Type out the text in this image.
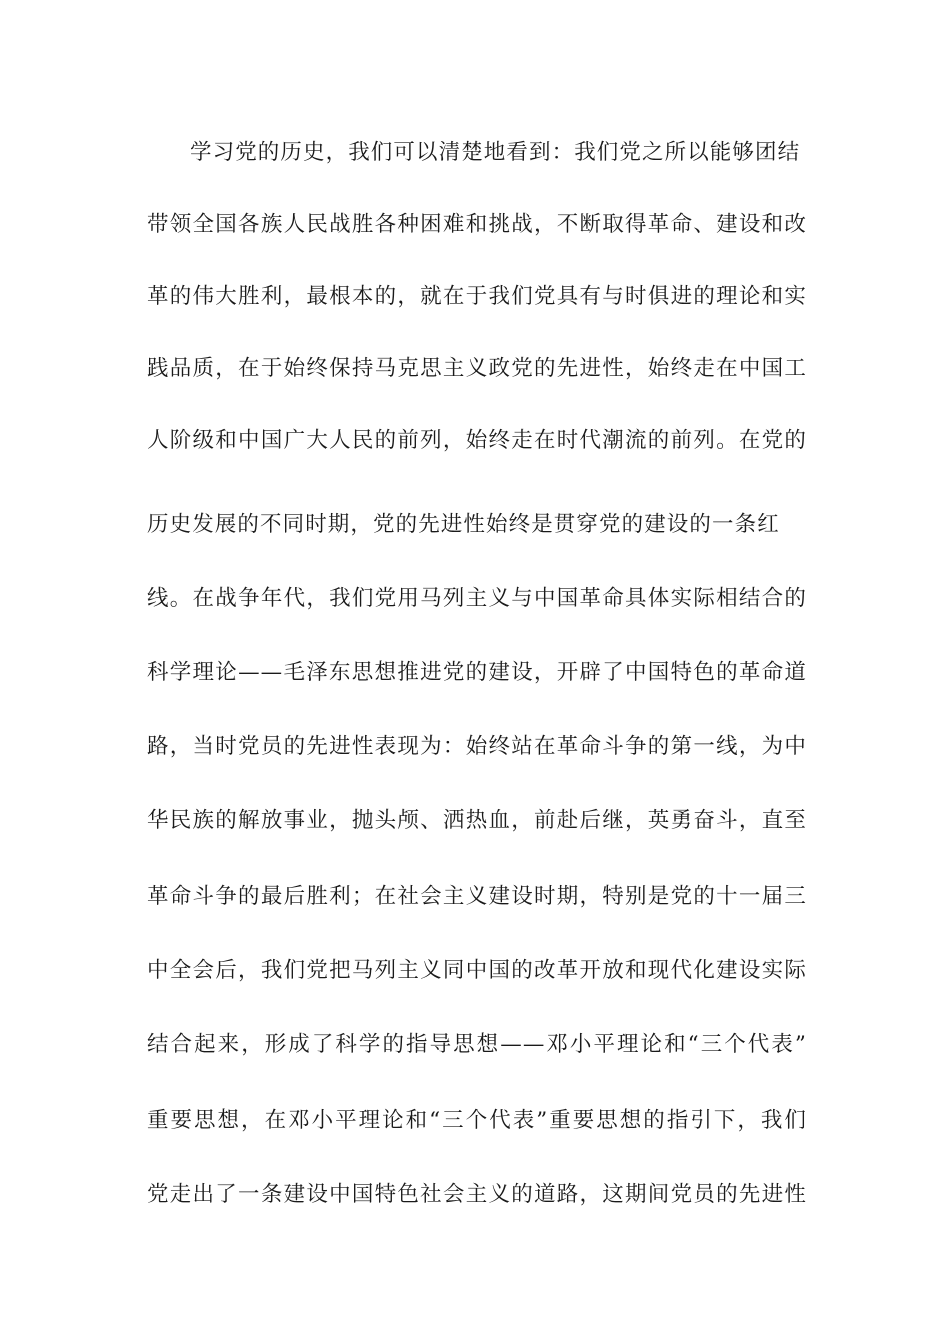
学习党的历史，我们可以清楚地看到：我们党之所以能够团结
带领全国各族人民战胜各种困难和挑战，不断取得革命、建设和改
革的伟大胜利，最根本的，就在于我们党具有与时俱进的理论和实
践品质，在于始终保持马克思主义政党的先进性，始终走在中国工
人阶级和中国广大人民的前列，始终走在时代潮流的前列。在党的
历史发展的不同时期，党的先进性始终是贯穿党的建设的一条红
线。在战争年代，我们党用马列主义与中国革命具体实际相结合的
科学理论——毛泽东思想推进党的建设，开辟了中国特色的革命道
路，当时党员的先进性表现为：始终站在革命斗争的第一线，为中
华民族的解放事业，抛头颅、洒热血，前赴后继，英勇奋斗，直至
革命斗争的最后胜利；在社会主义建设时期，特别是党的十一届三
中全会后，我们党把马列主义同中国的改革开放和现代化建设实际
结合起来，形成了科学的指导思想——邓小平理论和“三个代表”
重要思想，在邓小平理论和“三个代表”重要思想的指引下，我们
党走出了一条建设中国特色社会主义的道路，这期间党员的先进性
